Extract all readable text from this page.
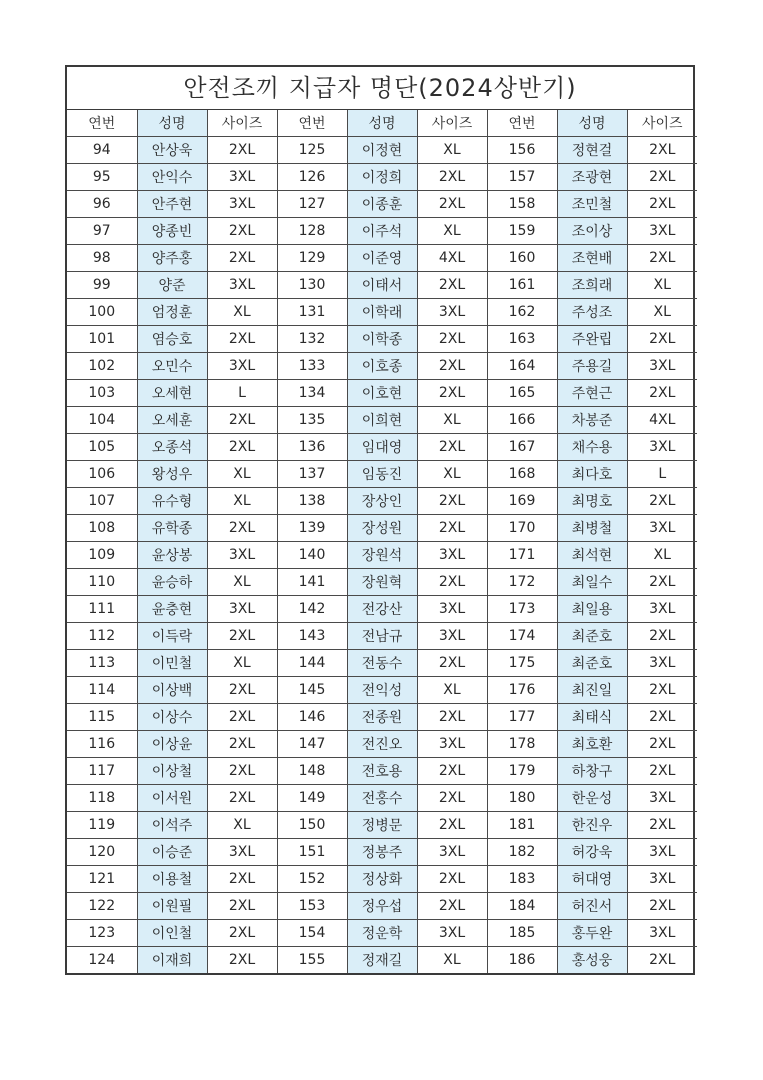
안전조끼 지급자 명단(2024상반기)
연번	성명	사이즈	연번	성명	사이즈	연번	성명	사이즈
94	안상욱	2XL	125	이정현	XL	156	정현걸	2XL
95	안익수	3XL	126	이정희	2XL	157	조광현	2XL
96	안주현	3XL	127	이종훈	2XL	158	조민철	2XL
97	양종빈	2XL	128	이주석	XL	159	조이상	3XL
98	양주홍	2XL	129	이준영	4XL	160	조현배	2XL
99	양준	3XL	130	이태서	2XL	161	조희래	XL
100	엄정훈	XL	131	이학래	3XL	162	주성조	XL
101	염승호	2XL	132	이학종	2XL	163	주완립	2XL
102	오민수	3XL	133	이호종	2XL	164	주용길	3XL
103	오세현	L	134	이호현	2XL	165	주현근	2XL
104	오세훈	2XL	135	이희현	XL	166	차봉준	4XL
105	오종석	2XL	136	임대영	2XL	167	채수용	3XL
106	왕성우	XL	137	임동진	XL	168	최다호	L
107	유수형	XL	138	장상인	2XL	169	최명호	2XL
108	유학종	2XL	139	장성원	2XL	170	최병철	3XL
109	윤상봉	3XL	140	장원석	3XL	171	최석현	XL
110	윤승하	XL	141	장원혁	2XL	172	최일수	2XL
111	윤충현	3XL	142	전강산	3XL	173	최일용	3XL
112	이득락	2XL	143	전남규	3XL	174	최준호	2XL
113	이민철	XL	144	전동수	2XL	175	최준호	3XL
114	이상백	2XL	145	전익성	XL	176	최진일	2XL
115	이상수	2XL	146	전종원	2XL	177	최태식	2XL
116	이상윤	2XL	147	전진오	3XL	178	최호환	2XL
117	이상철	2XL	148	전호용	2XL	179	하창구	2XL
118	이서원	2XL	149	전홍수	2XL	180	한운성	3XL
119	이석주	XL	150	정병문	2XL	181	한진우	2XL
120	이승준	3XL	151	정봉주	3XL	182	허강욱	3XL
121	이용철	2XL	152	정상화	2XL	183	허대영	3XL
122	이원필	2XL	153	정우섭	2XL	184	허진서	2XL
123	이인철	2XL	154	정운학	3XL	185	홍두완	3XL
124	이재희	2XL	155	정재길	XL	186	홍성웅	2XL
